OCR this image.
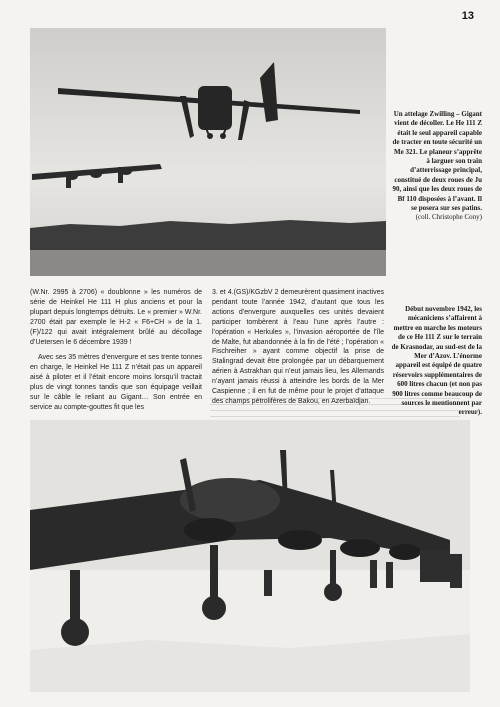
13
Un attelage Zwilling – Gigant vient de décoller. Le He 111 Z était le seul appareil capable de tracter en toute sécurité un Me 321. Le planeur s’apprête à larguer son train d’atterrissage principal, constitué de deux roues de Ju 90, ainsi que les deux roues de Bf 110 disposées à l’avant. Il se posera sur ses patins.
(coll. Christophe Cony)

(W.Nr. 2995 à 2706) « doublonne » les numéros de série de Heinkel He 111 H plus anciens et pour la plupart depuis longtemps détruits. Le « premier » W.Nr. 2700 était par exemple le H-2 « F6+CH » de la 1.(F)/122 qui avait intégralement brûlé au décollage d’Uetersen le 6 décembre 1939 !

Avec ses 35 mètres d’envergure et ses trente tonnes en charge, le Heinkel He 111 Z n’était pas un appareil aisé à piloter et il l’était encore moins lorsqu’il tractait plus de vingt tonnes tandis que son équipage veillait sur le câble le reliant au Gigant… Son entrée en service au compte-gouttes fit que les

3. et 4.(GS)/KGzbV 2 demeurèrent quasiment inactives pendant toute l’année 1942, d’autant que tous les actions d’envergure auxquelles ces unités devaient participer tombèrent à l’eau l’une après l’autre : l’opération « Herkules », l’invasion aéroportée de l’île de Malte, fut abandonnée à la fin de l’été ; l’opération « Fischreiher » ayant comme objectif la prise de Stalingrad devait être prolongée par un débarquement aérien à Astrakhan qui n’eut jamais lieu, les Allemands n’ayant jamais réussi à atteindre les bords de la Mer Caspienne ; il en fut de même pour le projet d’attaque des champs pétrolifères de Bakou, en Azerbaïdjan.

Début novembre 1942, les mécaniciens s’affairent à mettre en marche les moteurs de ce He 111 Z sur le terrain de Krasnodar, au sud-est de la Mer d’Azov. L’énorme appareil est équipé de quatre réservoirs supplémentaires de 600 litres chacun (et non pas 900 litres comme beaucoup de sources le mentionnent par erreur).
